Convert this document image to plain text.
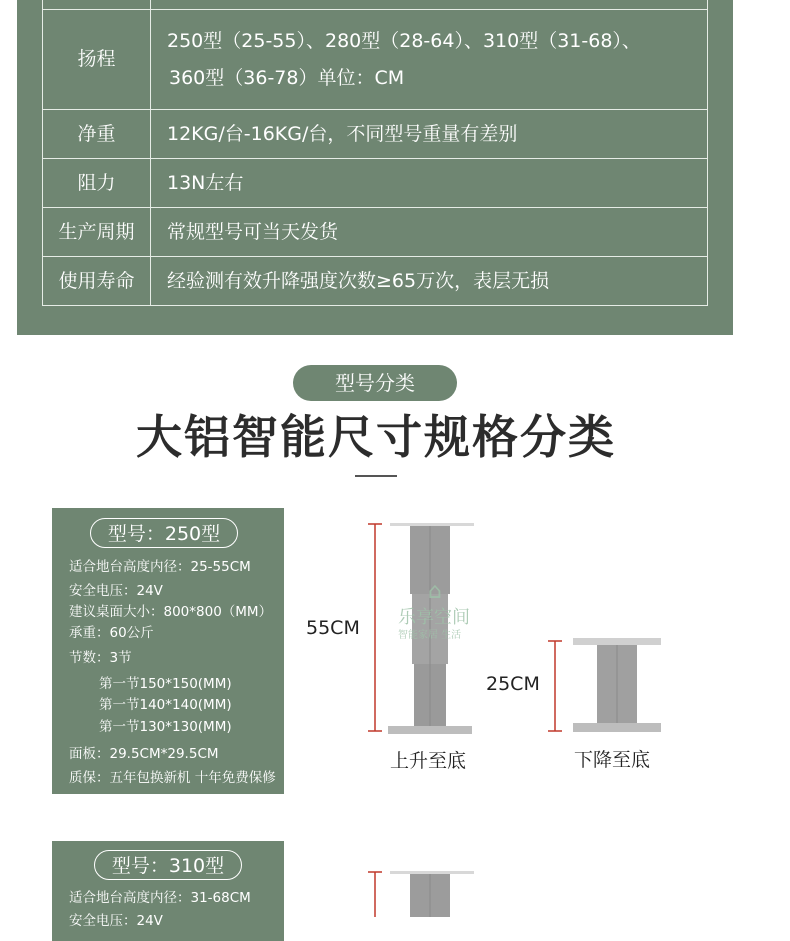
扬程	250型（25-55）、280型（28-64）、310型（31-68）、
360型（36-78）单位：CM

净重	12KG/台-16KG/台，不同型号重量有差别
阻力	13N左右
生产周期	常规型号可当天发货
使用寿命	经验测有效升降强度次数≥65万次，表层无损
型号分类
大铝智能尺寸规格分类
型号：250型
适合地台高度内径：25-55CM
安全电压：24V
建议桌面大小：800*800（MM）
承重：60公斤
节数：3节
第一节150*150(MM)
第一节140*140(MM)
第一节130*130(MM)
面板：29.5CM*29.5CM
质保：五年包换新机 十年免费保修
55CM 乐享空间
智能家居 生活
⌂
上升至底
25CM
下降至底
型号：310型
适合地台高度内径：31-68CM
安全电压：24V
